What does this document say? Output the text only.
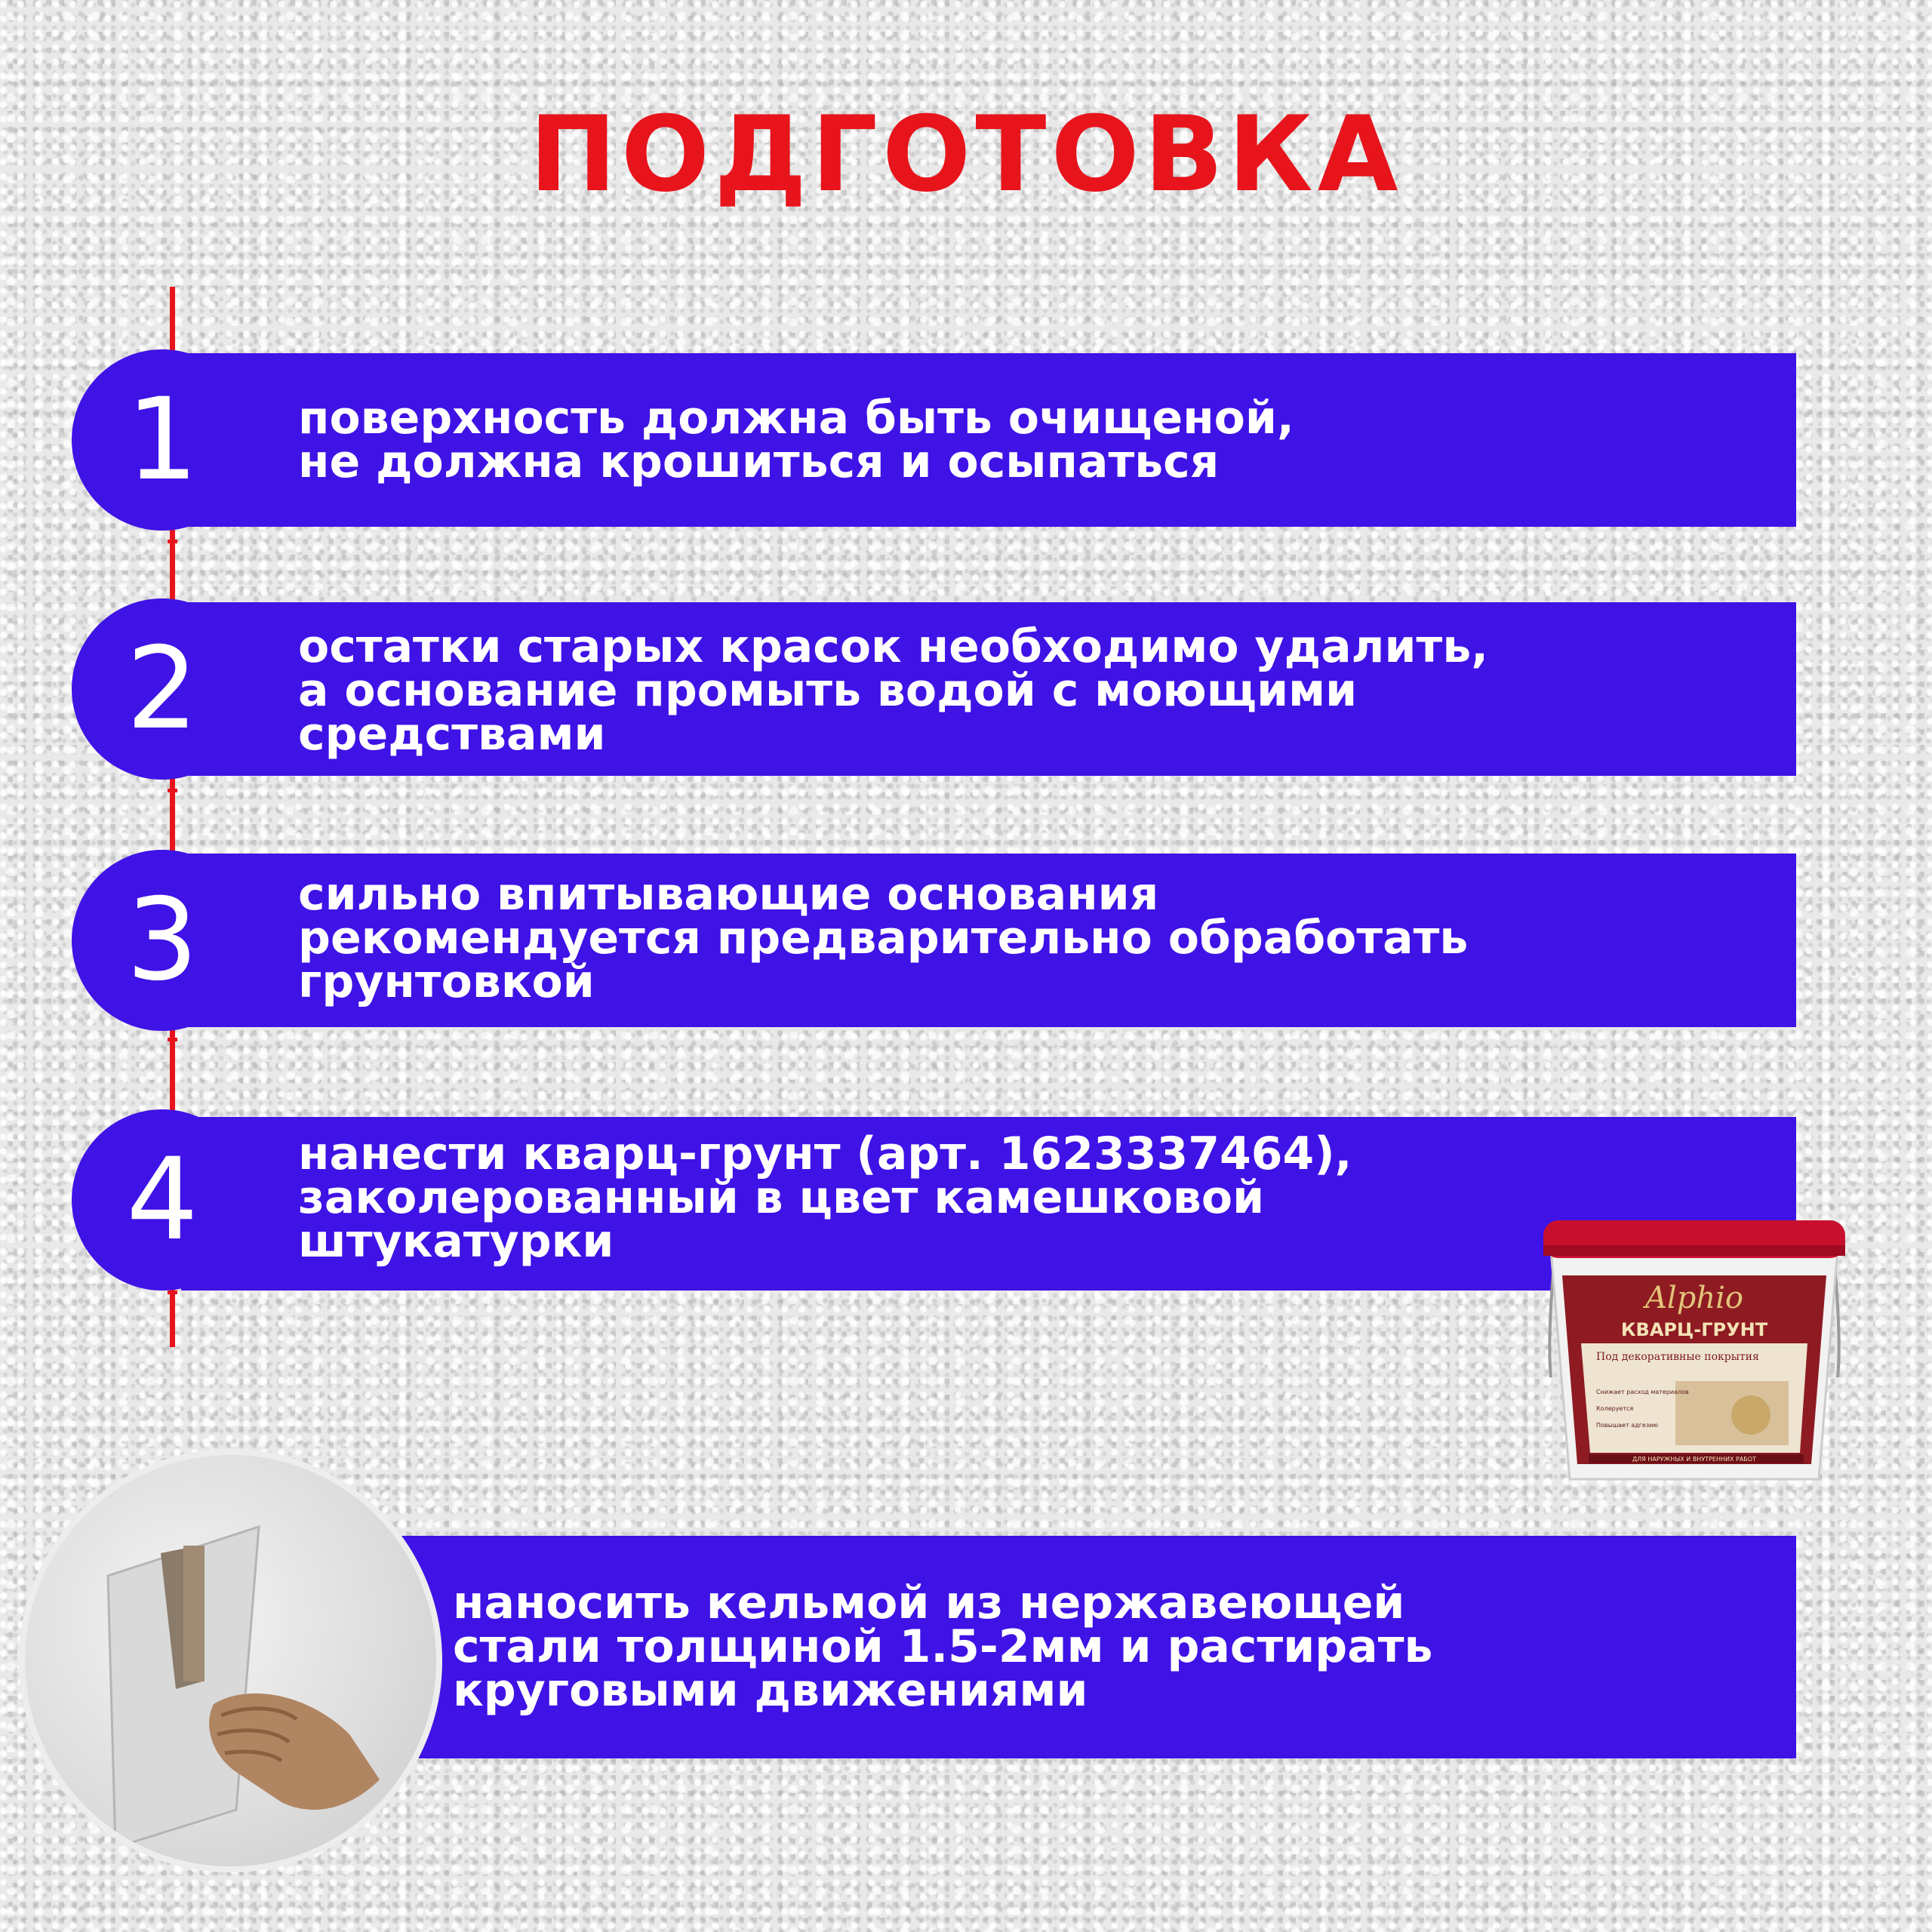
ПОДГОТОВКА
1	поверхность должна быть очищеной,
не должна крошиться и осыпаться
2	остатки старых красок необходимо удалить,
а основание промыть водой с моющими
средствами
3	сильно впитывающие основания
рекомендуется предварительно обработать
грунтовкой
4	нанести кварц-грунт (арт. 1623337464),
заколерованный в цвет камешковой
штукатурки
Alphio
КВАРЦ-ГРУНТ
Под декоративные покрытия
Снижает расход материалов
Колеруется
Повышает адгезию
ДЛЯ НАРУЖНЫХ И ВНУТРЕННИХ РАБОТ
наносить кельмой из нержавеющей
стали толщиной 1.5-2мм и растирать
круговыми движениями
